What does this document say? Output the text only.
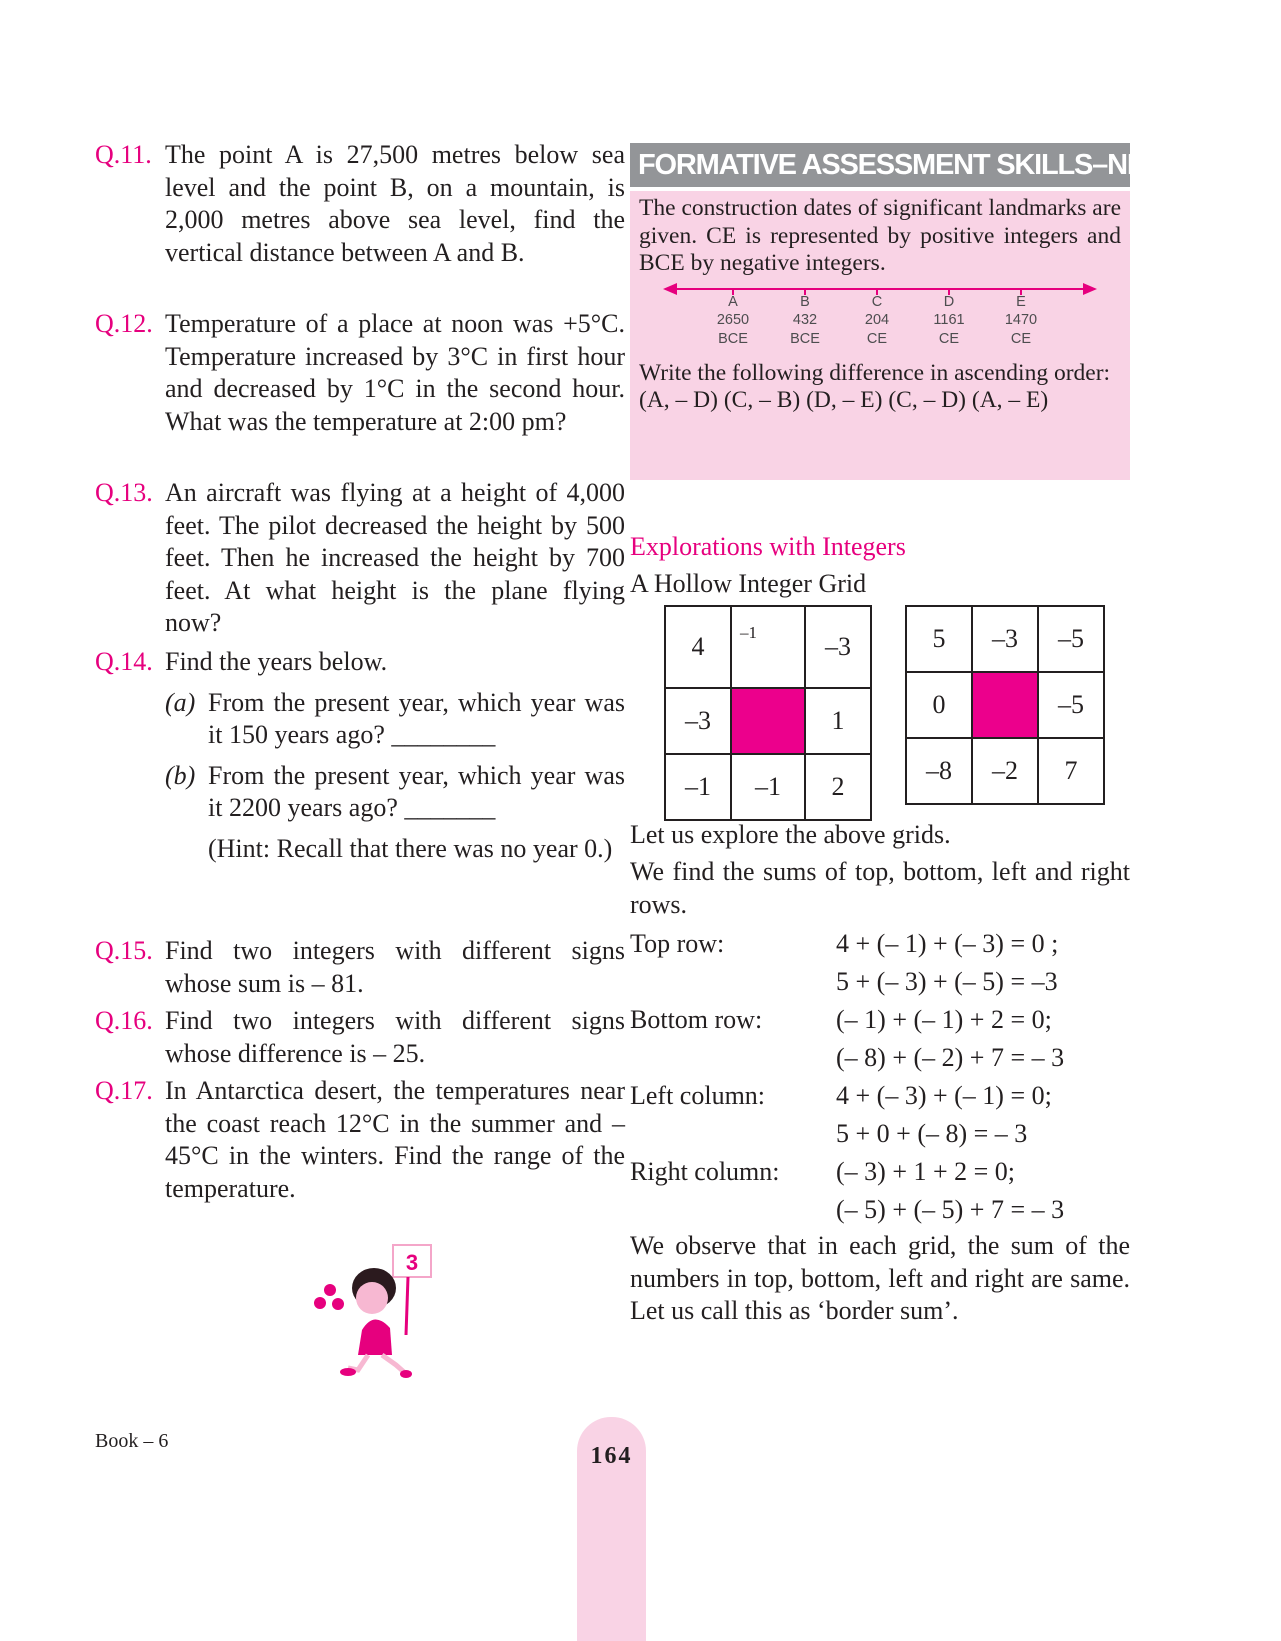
Q.11. The point A is 27,500 metres below sea level and the point B, on a mountain, is 2,000 metres above sea level, find the vertical distance between A and B.
Q.12. Temperature of a place at noon was +5°C. Temperature increased by 3°C in first hour and decreased by 1°C in the second hour. What was the temperature at 2:00 pm?
Q.13. An aircraft was flying at a height of 4,000 feet. The pilot decreased the height by 500 feet. Then he increased the height by 700 feet. At what height is the plane flying now?
Q.14. Find the years below.
(a) From the present year, which year was it 150 years ago? ________
(b) From the present year, which year was it 2200 years ago? _______
(Hint: Recall that there was no year 0.)
Q.15. Find two integers with different signs whose sum is – 81.
Q.16. Find two integers with different signs whose difference is – 25.
Q.17. In Antarctica desert, the temperatures near the coast reach 12°C in the summer and – 45°C in the winters. Find the range of the temperature.
3
FORMATIVE ASSESSMENT SKILLS–NEP 2020
The construction dates of significant landmarks are given. CE is represented by positive integers and BCE by negative integers.
A
2650
BCE
B
432
BCE
C
204
CE
D
1161
CE
E
1470
CE
Write the following difference in ascending order:
(A, – D) (C, – B) (D, – E) (C, – D) (A, – E)
Explorations with Integers
A Hollow Integer Grid
4	–1	–3
–3		1
–1	–1	2
5	–3	–5
0		–5
–8	–2	7
Let us explore the above grids.
We find the sums of top, bottom, left and right rows.
Top row:	4 + (– 1) + (– 3) = 0 ;
5 + (– 3) + (– 5) = –3
Bottom row:	(– 1) + (– 1) + 2 = 0;
(– 8) + (– 2) + 7 = – 3
Left column:	4 + (– 3) + (– 1) = 0;
5 + 0 + (– 8) = – 3
Right column: (– 3) + 1 + 2 = 0;
(– 5) + (– 5) + 7 = – 3
We observe that in each grid, the sum of the numbers in top, bottom, left and right are same. Let us call this as ‘border sum’.
Book – 6
164
